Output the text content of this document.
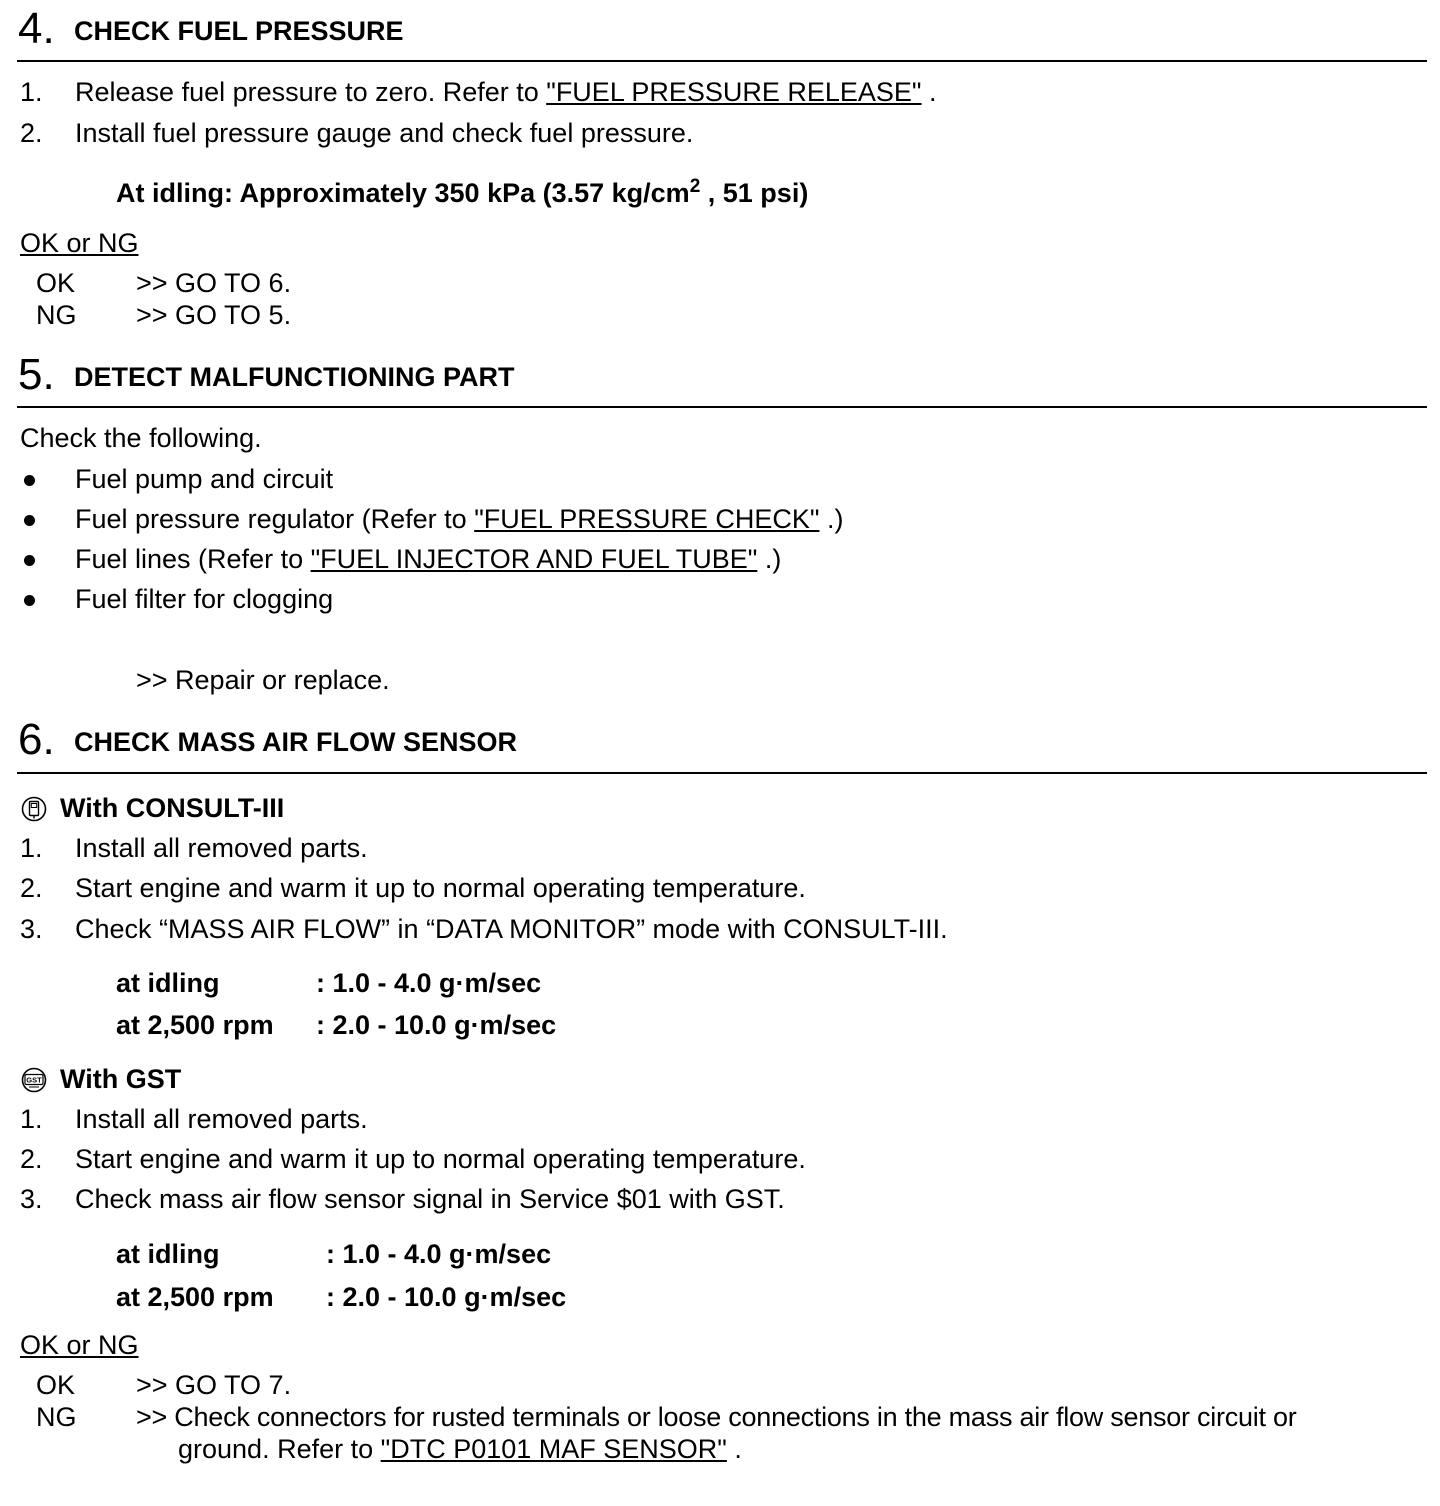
4. CHECK FUEL PRESSURE
1. Release fuel pressure to zero. Refer to "FUEL PRESSURE RELEASE" .
2. Install fuel pressure gauge and check fuel pressure.
At idling: Approximately 350 kPa (3.57 $kg/cm^2$ , 51 psi)
OK or NG
OK >> GO TO 6.
NG >> GO TO 5.
5. DETECT MALFUNCTIONING PART
Check the following.
Fuel pump and circuit
Fuel pressure regulator (Refer to "FUEL PRESSURE CHECK" .)
Fuel lines (Refer to "FUEL INJECTOR AND FUEL TUBE" .)
Fuel filter for clogging
>> Repair or replace.
6. CHECK MASS AIR FLOW SENSOR
With CONSULT-III
1. Install all removed parts.
2. Start engine and warm it up to normal operating temperature.
3. Check “MASS AIR FLOW” in “DATA MONITOR” mode with CONSULT-III.
at idling	: 1.0 - 4.0 g·m/sec
at 2,500 rpm : 2.0 - 10.0 g·m/sec
GST With GST
1. Install all removed parts.
2. Start engine and warm it up to normal operating temperature.
3. Check mass air flow sensor signal in Service $01 with GST.
at idling	: 1.0 - 4.0 g·m/sec
at 2,500 rpm : 2.0 - 10.0 g·m/sec
OK or NG
OK >> GO TO 7.
NG >> Check connectors for rusted terminals or loose connections in the mass air flow sensor circuit or
ground. Refer to "DTC P0101 MAF SENSOR" .
